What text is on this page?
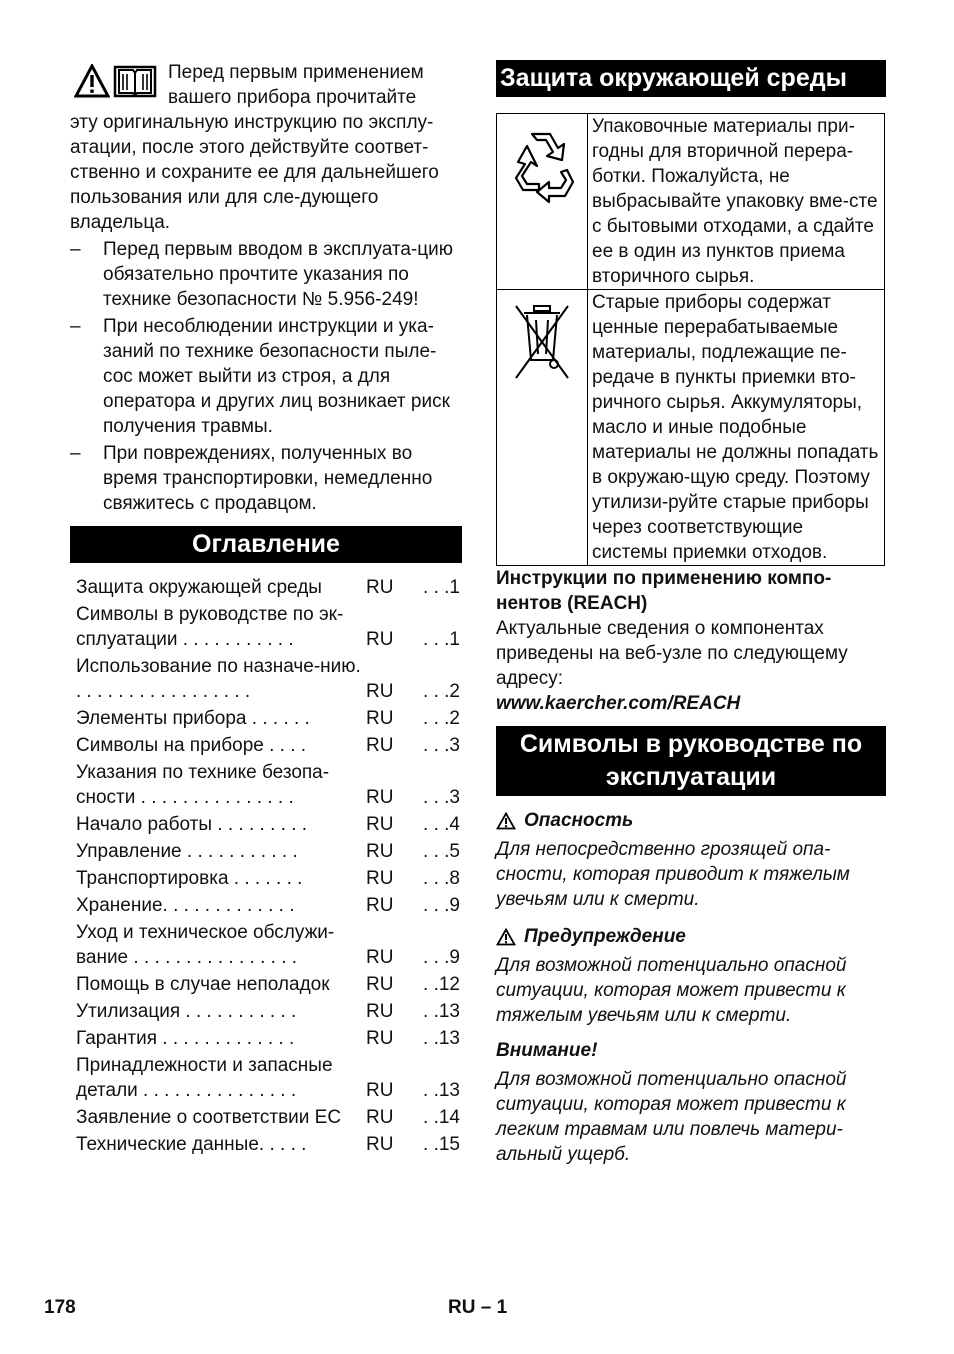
Перед первым применением вашего прибора прочитайте
эту оригинальную инструкцию по эксплу-атации, после этого действуйте соответ-ственно и сохраните ее для дальнейшего пользования или для сле-дующего владельца.
– Перед первым вводом в эксплуата-цию обязательно прочтите указания по технике безопасности № 5.956-249!
– При несоблюдении инструкции и ука-заний по технике безопасности пыле-сос может выйти из строя, а для оператора и других лиц возникает риск получения травмы.
– При повреждениях, полученных во время транспортировки, немедленно свяжитесь с продавцом.
Оглавление
Защита окружающей среды	RU	. . .1
Символы в руководстве по эк-сплуатации . . . . . . . . . . .	RU	. . .1
Использование по назначе-нию. . . . . . . . . . . . . . . . . .	RU	. . .2
Элементы прибора . . . . . .	RU	. . .2
Символы на приборе . . . .	RU	. . .3
Указания по технике безопа-сности . . . . . . . . . . . . . . .	RU	. . .3
Начало работы . . . . . . . . .	RU	. . .4
Управление . . . . . . . . . . .	RU	. . .5
Транспортировка . . . . . . .	RU	. . .8
Хранение. . . . . . . . . . . . .	RU	. . .9
Уход и техническое обслужи-вание . . . . . . . . . . . . . . . .	RU	. . .9
Помощь в случае неполадок	RU	. .12
Утилизация . . . . . . . . . . .	RU	. .13
Гарантия . . . . . . . . . . . . .	RU	. .13
Принадлежности и запасные детали . . . . . . . . . . . . . . .	RU	. .13
Заявление о соответствии ЕС	RU	. .14
Технические данные. . . . .	RU	. .15
Защита окружающей среды
	Упаковочные материалы при-годны для вторичной перера-ботки. Пожалуйста, не выбрасывайте упаковку вме-сте с бытовыми отходами, а сдайте ее в один из пунктов приема вторичного сырья.
	Старые приборы содержат ценные перерабатываемые материалы, подлежащие пе-редаче в пункты приемки вто-ричного сырья. Аккумуляторы, масло и иные подобные материалы не должны попадать в окружаю-щую среду. Поэтому утилизи-руйте старые приборы через соответствующие системы приемки отходов.
Инструкции по применению компо-нентов (REACH)
Актуальные сведения о компонентах приведены на веб-узле по следующему адресу:
www.kaercher.com/REACH
Символы в руководстве по эксплуатации
Опасность
Для непосредственно грозящей опа-сности, которая приводит к тяжелым увечьям или к смерти.
Предупреждение
Для возможной потенциально опасной ситуации, которая может привести к тяжелым увечьям или к смерти.
Внимание!
Для возможной потенциально опасной ситуации, которая может привести к легким травмам или повлечь матери-альный ущерб.
178	RU – 1
